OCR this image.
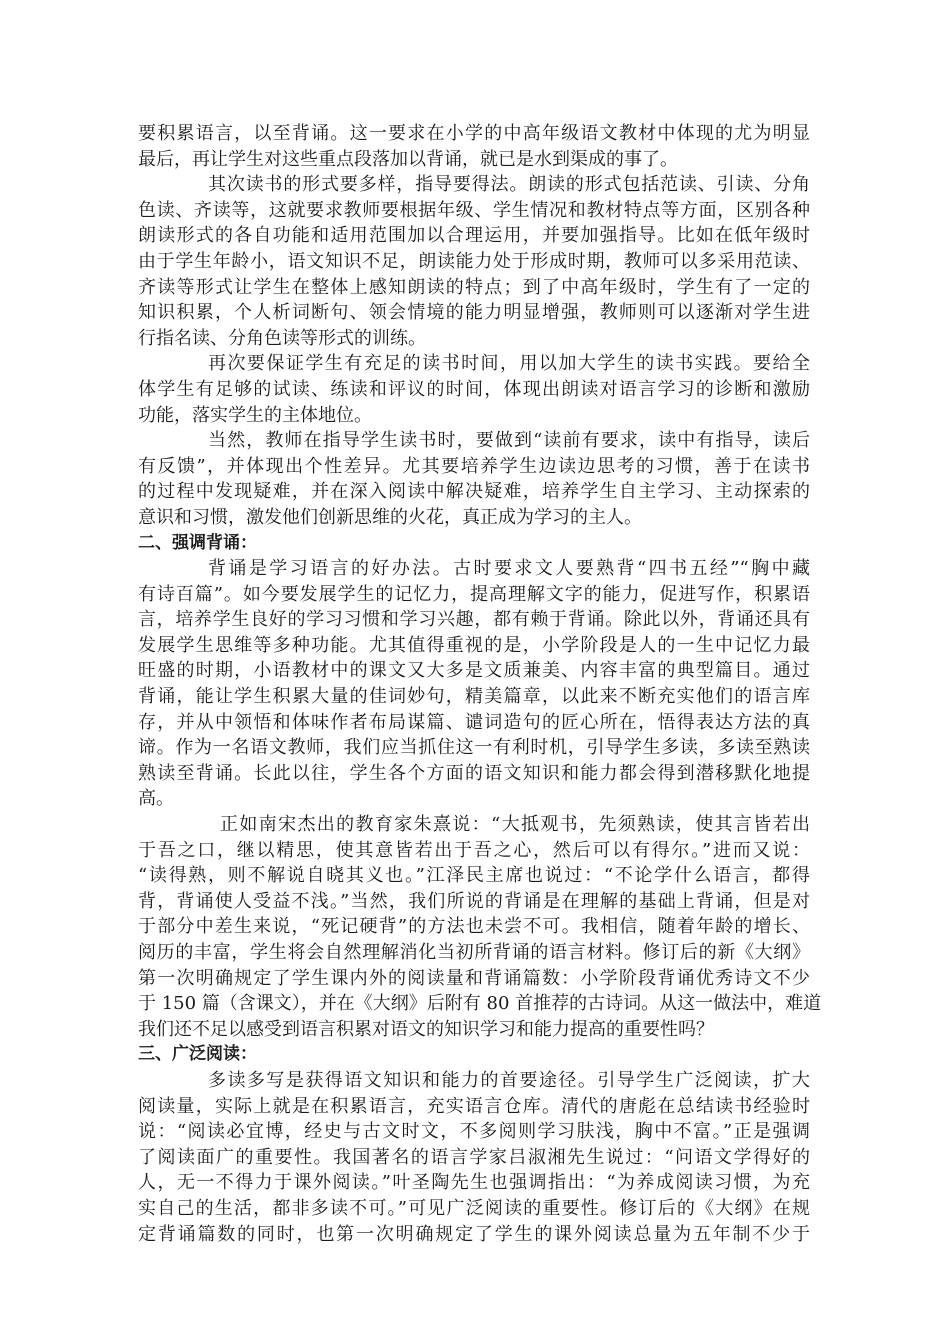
要积累语言，以至背诵。这一要求在小学的中高年级语文教材中体现的尤为明显
最后，再让学生对这些重点段落加以背诵，就已是水到渠成的事了。
其次读书的形式要多样，指导要得法。朗读的形式包括范读、引读、分角
色读、齐读等，这就要求教师要根据年级、学生情况和教材特点等方面，区别各种
朗读形式的各自功能和适用范围加以合理运用，并要加强指导。比如在低年级时
由于学生年龄小，语文知识不足，朗读能力处于形成时期，教师可以多采用范读、
齐读等形式让学生在整体上感知朗读的特点；到了中高年级时，学生有了一定的
知识积累，个人析词断句、领会情境的能力明显增强，教师则可以逐渐对学生进
行指名读、分角色读等形式的训练。
再次要保证学生有充足的读书时间，用以加大学生的读书实践。要给全
体学生有足够的试读、练读和评议的时间，体现出朗读对语言学习的诊断和激励
功能，落实学生的主体地位。
当然，教师在指导学生读书时，要做到“读前有要求，读中有指导，读后
有反馈”，并体现出个性差异。尤其要培养学生边读边思考的习惯，善于在读书
的过程中发现疑难，并在深入阅读中解决疑难，培养学生自主学习、主动探索的
意识和习惯，激发他们创新思维的火花，真正成为学习的主人。
二、强调背诵：
背诵是学习语言的好办法。古时要求文人要熟背“四书五经”“胸中藏
有诗百篇”。如今要发展学生的记忆力，提高理解文字的能力，促进写作，积累语
言，培养学生良好的学习习惯和学习兴趣，都有赖于背诵。除此以外，背诵还具有
发展学生思维等多种功能。尤其值得重视的是，小学阶段是人的一生中记忆力最
旺盛的时期，小语教材中的课文又大多是文质兼美、内容丰富的典型篇目。通过
背诵，能让学生积累大量的佳词妙句，精美篇章，以此来不断充实他们的语言库
存，并从中领悟和体味作者布局谋篇、谴词造句的匠心所在，悟得表达方法的真
谛。作为一名语文教师，我们应当抓住这一有利时机，引导学生多读，多读至熟读
熟读至背诵。长此以往，学生各个方面的语文知识和能力都会得到潜移默化地提
高。
正如南宋杰出的教育家朱熹说：“大抵观书，先须熟读，使其言皆若出
于吾之口，继以精思，使其意皆若出于吾之心，然后可以有得尔。”进而又说：
“读得熟，则不解说自晓其义也。”江泽民主席也说过：“不论学什么语言，都得
背，背诵使人受益不浅。”当然，我们所说的背诵是在理解的基础上背诵，但是对
于部分中差生来说，“死记硬背”的方法也未尝不可。我相信，随着年龄的增长、
阅历的丰富，学生将会自然理解消化当初所背诵的语言材料。修订后的新《大纲》
第一次明确规定了学生课内外的阅读量和背诵篇数：小学阶段背诵优秀诗文不少
于 150 篇（含课文），并在《大纲》后附有 80 首推荐的古诗词。从这一做法中，难道
我们还不足以感受到语言积累对语文的知识学习和能力提高的重要性吗？
三、广泛阅读：
多读多写是获得语文知识和能力的首要途径。引导学生广泛阅读，扩大
阅读量，实际上就是在积累语言，充实语言仓库。清代的唐彪在总结读书经验时
说：“阅读必宜博，经史与古文时文，不多阅则学习肤浅，胸中不富。”正是强调
了阅读面广的重要性。我国著名的语言学家吕淑湘先生说过：“问语文学得好的
人，无一不得力于课外阅读。”叶圣陶先生也强调指出：“为养成阅读习惯，为充
实自己的生活，都非多读不可。”可见广泛阅读的重要性。修订后的《大纲》在规
定背诵篇数的同时，也第一次明确规定了学生的课外阅读总量为五年制不少于
